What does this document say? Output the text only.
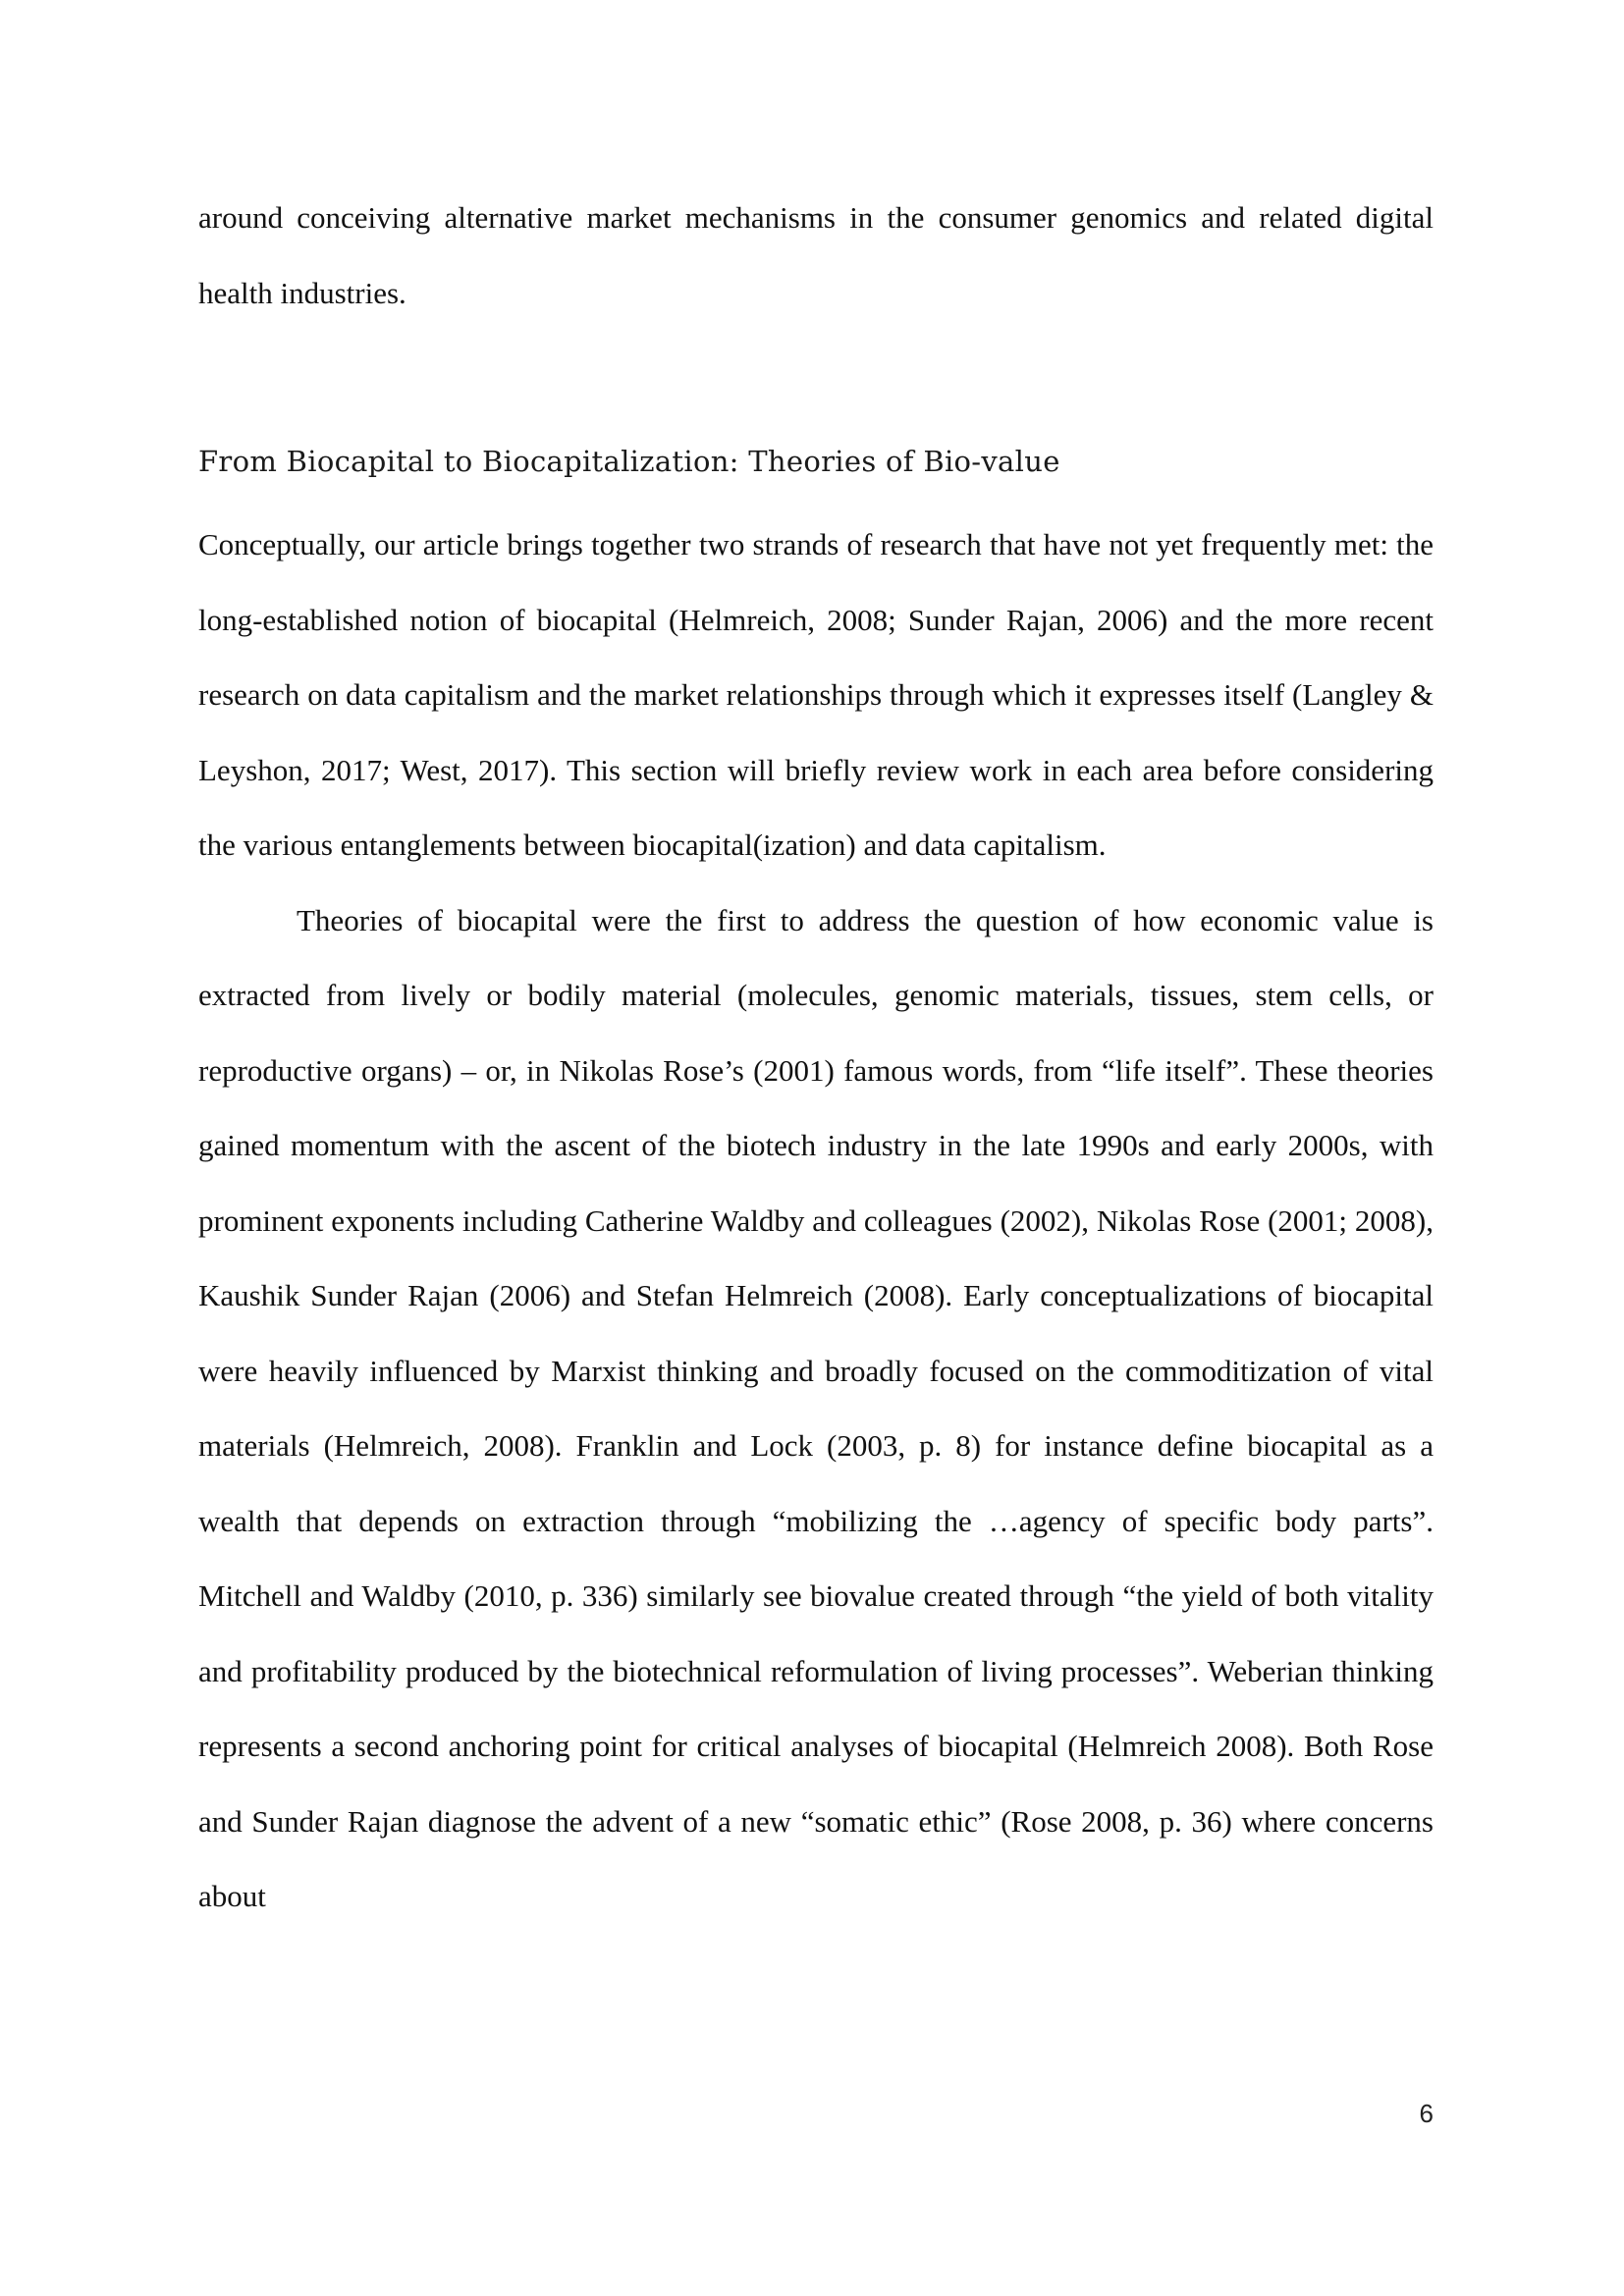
around conceiving alternative market mechanisms in the consumer genomics and related digital health industries.
From Biocapital to Biocapitalization: Theories of Bio-value

Conceptually, our article brings together two strands of research that have not yet frequently met: the long-established notion of biocapital (Helmreich, 2008; Sunder Rajan, 2006) and the more recent research on data capitalism and the market relationships through which it expresses itself (Langley & Leyshon, 2017; West, 2017). This section will briefly review work in each area before considering the various entanglements between biocapital(ization) and data capitalism.

Theories of biocapital were the first to address the question of how economic value is extracted from lively or bodily material (molecules, genomic materials, tissues, stem cells, or reproductive organs) – or, in Nikolas Rose’s (2001) famous words, from “life itself”. These theories gained momentum with the ascent of the biotech industry in the late 1990s and early 2000s, with prominent exponents including Catherine Waldby and colleagues (2002), Nikolas Rose (2001; 2008), Kaushik Sunder Rajan (2006) and Stefan Helmreich (2008). Early conceptualizations of biocapital were heavily influenced by Marxist thinking and broadly focused on the commoditization of vital materials (Helmreich, 2008). Franklin and Lock (2003, p. 8) for instance define biocapital as a wealth that depends on extraction through “mobilizing the …agency of specific body parts”. Mitchell and Waldby (2010, p. 336) similarly see biovalue created through “the yield of both vitality and profitability produced by the biotechnical reformulation of living processes”. Weberian thinking represents a second anchoring point for critical analyses of biocapital (Helmreich 2008). Both Rose and Sunder Rajan diagnose the advent of a new “somatic ethic” (Rose 2008, p. 36) where concerns about

6
